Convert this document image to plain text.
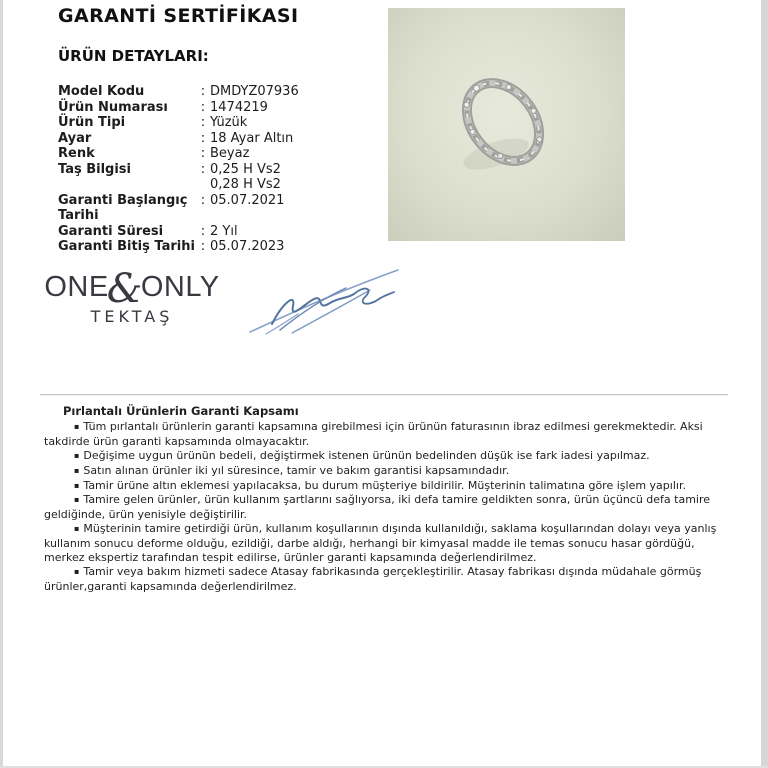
GARANTİ SERTİFİKASI
ÜRÜN DETAYLARI:
Model Kodu	: DMDYZ07936
Ürün Numarası	: 1474219
Ürün Tipi	: Yüzük
Ayar	: 18 Ayar Altın
Renk	: Beyaz
Taş Bilgisi	: 0,25 H Vs2
0,28 H Vs2
Garanti Başlangıç Tarihi
: 05.07.2021
Garanti Süresi	: 2 Yıl
Garanti Bitiş Tarihi : 05.07.2023
ONE
&
ONLY
TEKTAŞ
Pırlantalı Ürünlerin Garanti Kapsamı

▪ Tüm pırlantalı ürünlerin garanti kapsamına girebilmesi için ürünün faturasının ibraz edilmesi gerekmektedir. Aksi takdirde ürün garanti kapsamında olmayacaktır.

▪ Değişime uygun ürünün bedeli, değiştirmek istenen ürünün bedelinden düşük ise fark iadesi yapılmaz.

▪ Satın alınan ürünler iki yıl süresince, tamir ve bakım garantisi kapsamındadır.

▪ Tamir ürüne altın eklemesi yapılacaksa, bu durum müşteriye bildirilir. Müşterinin talimatına göre işlem yapılır.

▪ Tamire gelen ürünler, ürün kullanım şartlarını sağlıyorsa, iki defa tamire geldikten sonra, ürün üçüncü defa tamire geldiğinde, ürün yenisiyle değiştirilir.

▪ Müşterinin tamire getirdiği ürün, kullanım koşullarının dışında kullanıldığı, saklama koşullarından dolayı veya yanlış kullanım sonucu deforme olduğu, ezildiği, darbe aldığı, herhangi bir kimyasal madde ile temas sonucu hasar gördüğü, merkez ekspertiz tarafından tespit edilirse, ürünler garanti kapsamında değerlendirilmez.

▪ Tamir veya bakım hizmeti sadece Atasay fabrikasında gerçekleştirilir. Atasay fabrikası dışında müdahale görmüş ürünler,garanti kapsamında değerlendirilmez.
